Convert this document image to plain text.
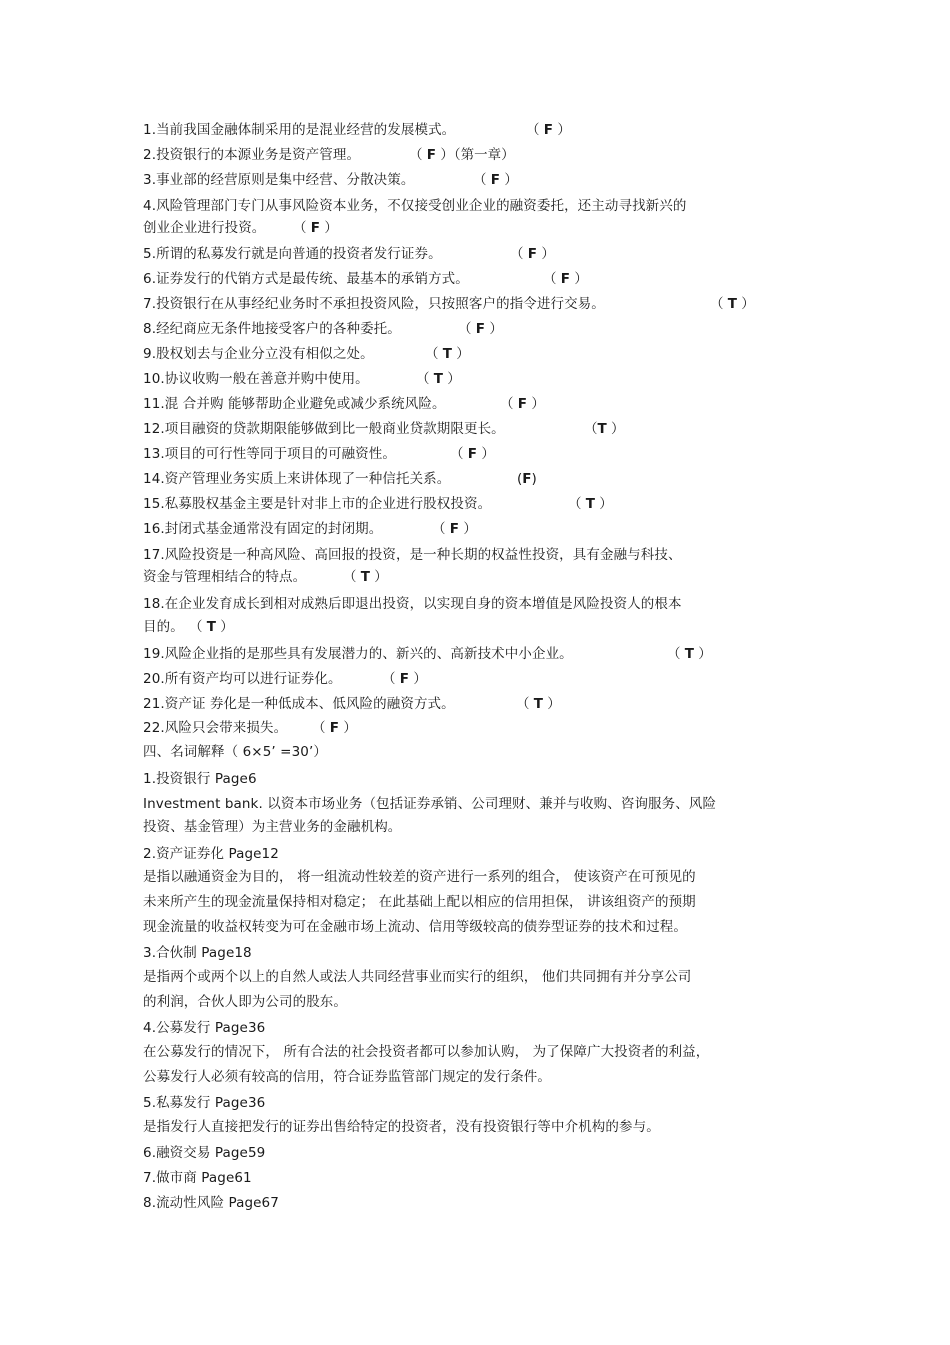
1.当前我国金融体制采用的是混业经营的发展模式。	（ F ）
2.投资银行的本源业务是资产管理。	（ F ）（第一章）
3.事业部的经营原则是集中经营、分散决策。	（ F ）
4.风险管理部门专门从事风险资本业务，不仅接受创业企业的融资委托，还主动寻找新兴的
创业企业进行投资。 （ F ）
5.所谓的私募发行就是向普通的投资者发行证券。	（ F ）
6.证券发行的代销方式是最传统、最基本的承销方式。	（ F ）
7.投资银行在从事经纪业务时不承担投资风险，只按照客户的指令进行交易。	（ T ）
8.经纪商应无条件地接受客户的各种委托。	（ F ）
9.股权划去与企业分立没有相似之处。	（ T ）
10.协议收购一般在善意并购中使用。	（ T ）
11.混 合并购 能够帮助企业避免或减少系统风险。	（ F ）
12.项目融资的贷款期限能够做到比一般商业贷款期限更长。	（T ）
13.项目的可行性等同于项目的可融资性。	（ F ）
14.资产管理业务实质上来讲体现了一种信托关系。	(F)
15.私募股权基金主要是针对非上市的企业进行股权投资。	（ T ）
16.封闭式基金通常没有固定的封闭期。	（ F ）
17.风险投资是一种高风险、高回报的投资，是一种长期的权益性投资，具有金融与科技、
资金与管理相结合的特点。	（ T ）
18.在企业发育成长到相对成熟后即退出投资，以实现自身的资本增值是风险投资人的根本
目的。 （ T ）
19.风险企业指的是那些具有发展潜力的、新兴的、高新技术中小企业。	（ T ）
20.所有资产均可以进行证券化。	（ F ）
21.资产证 券化是一种低成本、低风险的融资方式。	（ T ）
22.风险只会带来损失。 （ F ）
四、名词解释（ 6×5’ =30’）
1.投资银行 Page6
Investment bank. 以资本市场业务（包括证券承销、公司理财、兼并与收购、咨询服务、风险
投资、基金管理）为主营业务的金融机构。
2.资产证券化 Page12
是指以融通资金为目的， 将一组流动性较差的资产进行一系列的组合， 使该资产在可预见的
未来所产生的现金流量保持相对稳定； 在此基础上配以相应的信用担保， 讲该组资产的预期
现金流量的收益权转变为可在金融市场上流动、信用等级较高的债券型证券的技术和过程。
3.合伙制 Page18
是指两个或两个以上的自然人或法人共同经营事业而实行的组织， 他们共同拥有并分享公司
的利润，合伙人即为公司的股东。
4.公募发行 Page36
在公募发行的情况下， 所有合法的社会投资者都可以参加认购， 为了保障广大投资者的利益，
公募发行人必须有较高的信用，符合证券监管部门规定的发行条件。
5.私募发行 Page36
是指发行人直接把发行的证券出售给特定的投资者，没有投资银行等中介机构的参与。
6.融资交易 Page59
7.做市商 Page61
8.流动性风险 Page67
